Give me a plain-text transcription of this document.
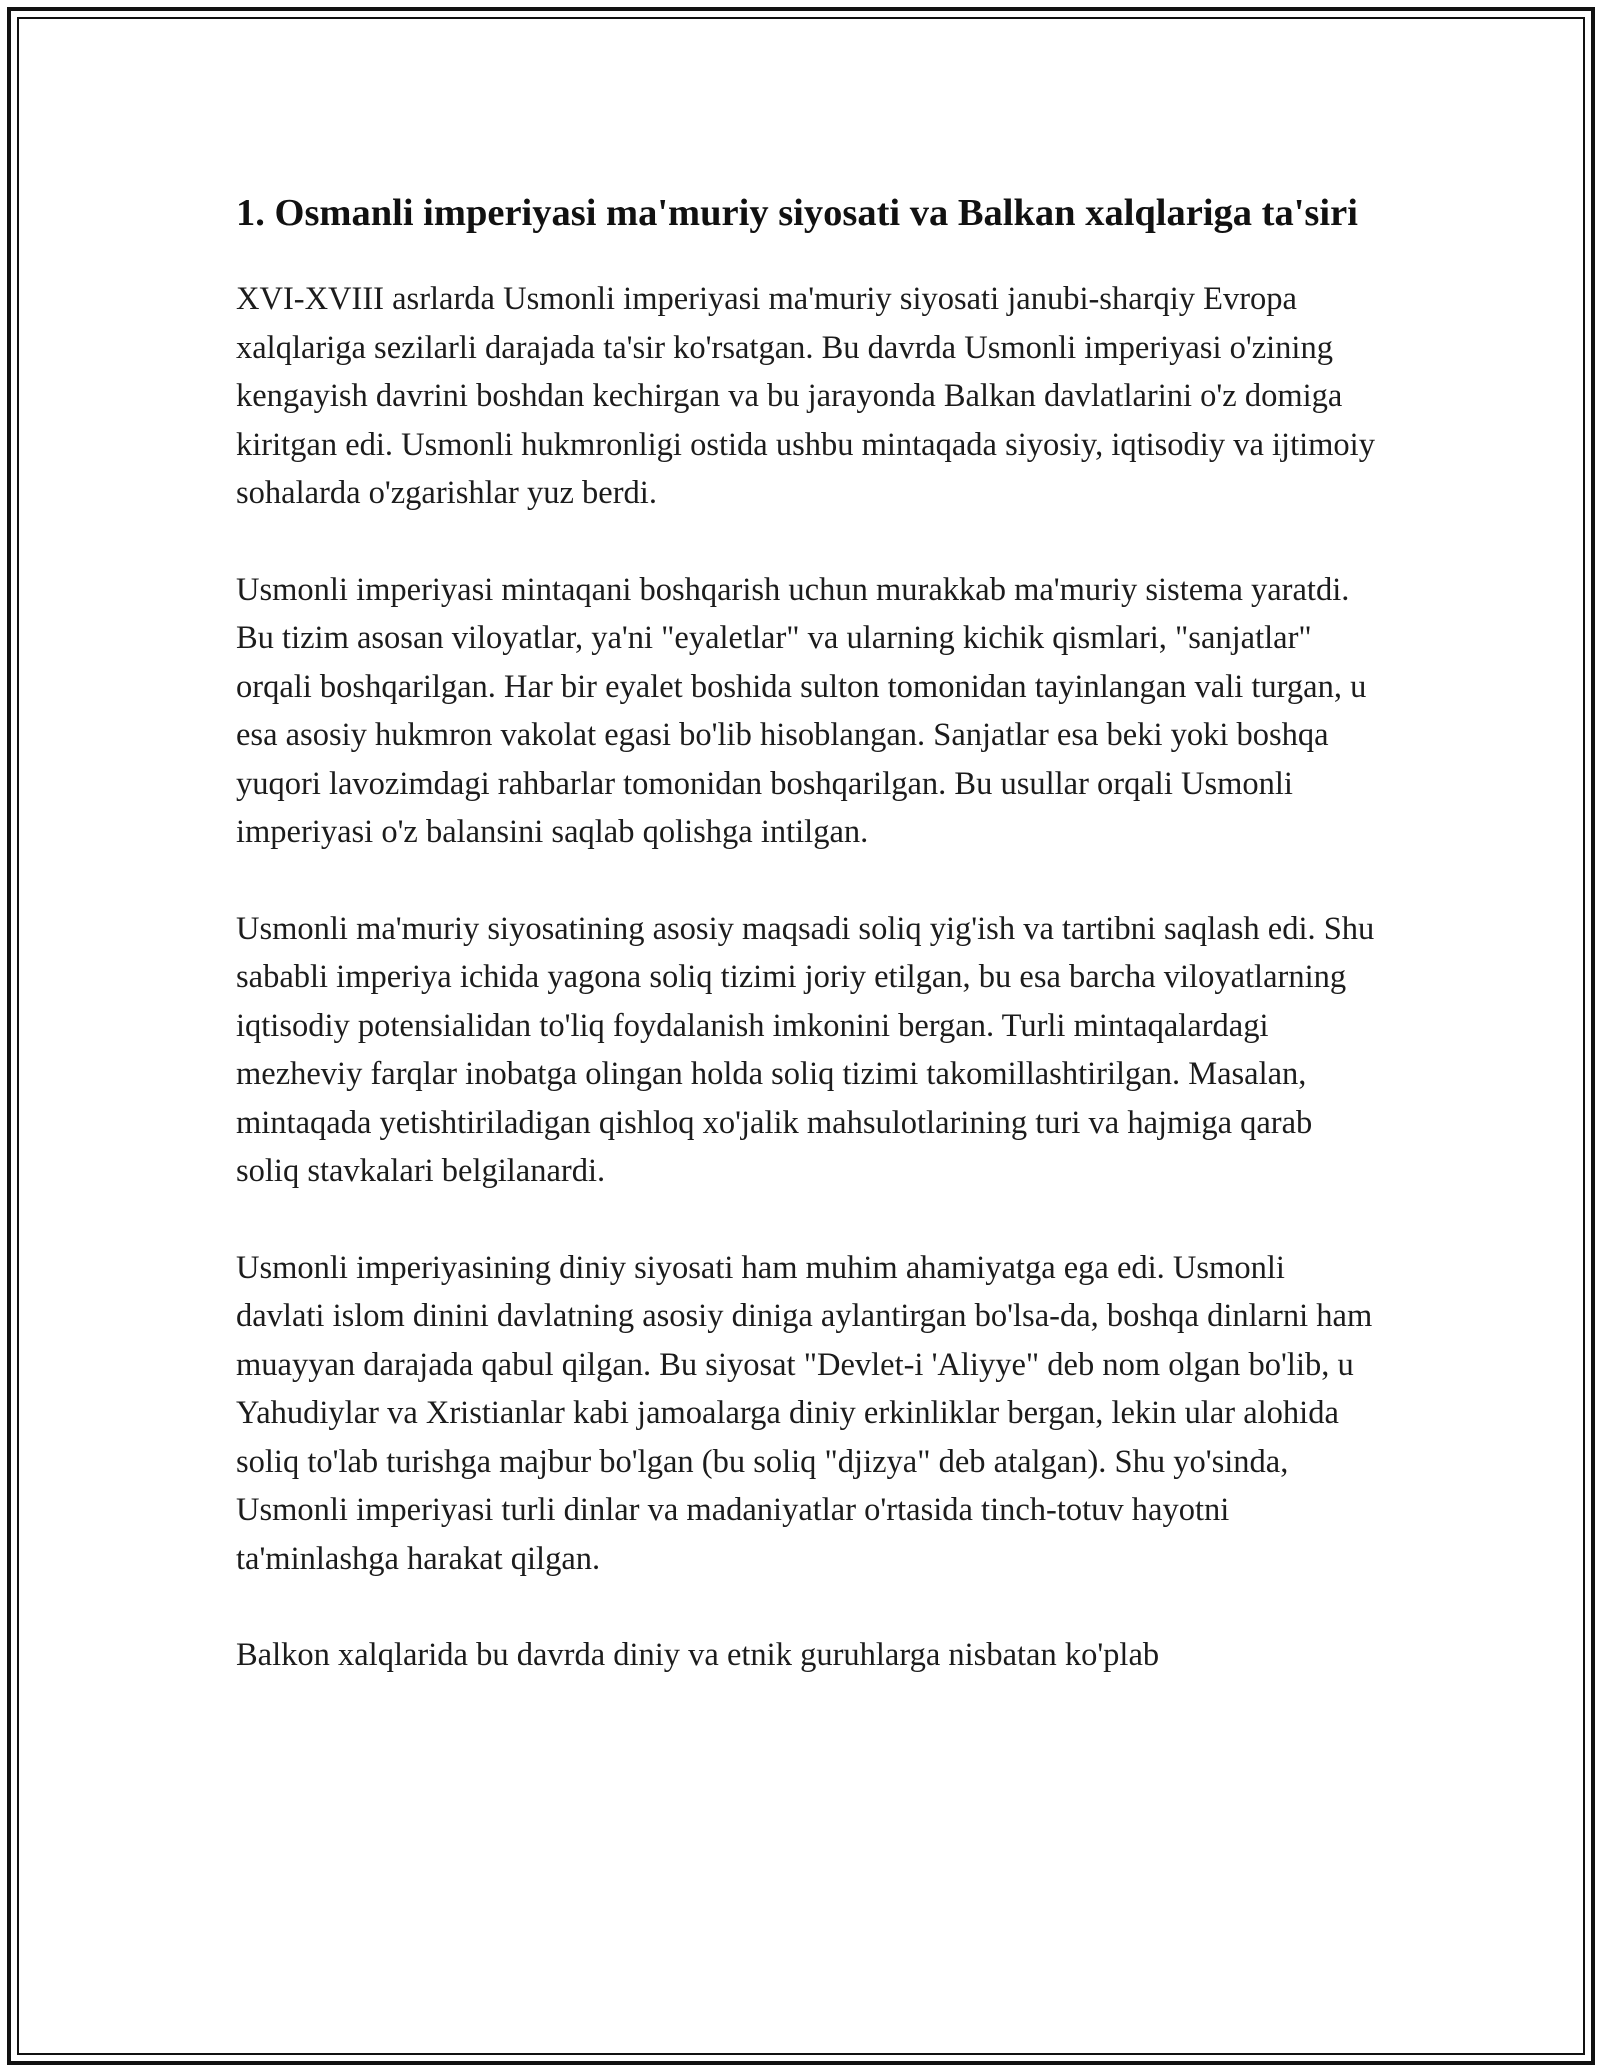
1. Osmanli imperiyasi ma'muriy siyosati va Balkan xalqlariga ta'siri

XVI-XVIII asrlarda Usmonli imperiyasi ma'muriy siyosati janubi-sharqiy Evropa xalqlariga sezilarli darajada ta'sir ko'rsatgan. Bu davrda Usmonli imperiyasi o'zining kengayish davrini boshdan kechirgan va bu jarayonda Balkan davlatlarini o'z domiga kiritgan edi. Usmonli hukmronligi ostida ushbu mintaqada siyosiy, iqtisodiy va ijtimoiy sohalarda o'zgarishlar yuz berdi.

Usmonli imperiyasi mintaqani boshqarish uchun murakkab ma'muriy sistema yaratdi. Bu tizim asosan viloyatlar, ya'ni "eyaletlar" va ularning kichik qismlari, "sanjatlar" orqali boshqarilgan. Har bir eyalet boshida sulton tomonidan tayinlangan vali turgan, u esa asosiy hukmron vakolat egasi bo'lib hisoblangan. Sanjatlar esa beki yoki boshqa yuqori lavozimdagi rahbarlar tomonidan boshqarilgan. Bu usullar orqali Usmonli imperiyasi o'z balansini saqlab qolishga intilgan.

Usmonli ma'muriy siyosatining asosiy maqsadi soliq yig'ish va tartibni saqlash edi. Shu sababli imperiya ichida yagona soliq tizimi joriy etilgan, bu esa barcha viloyatlarning iqtisodiy potensialidan to'liq foydalanish imkonini bergan. Turli mintaqalardagi mezheviy farqlar inobatga olingan holda soliq tizimi takomillashtirilgan. Masalan, mintaqada yetishtiriladigan qishloq xo'jalik mahsulotlarining turi va hajmiga qarab soliq stavkalari belgilanardi.

Usmonli imperiyasining diniy siyosati ham muhim ahamiyatga ega edi. Usmonli davlati islom dinini davlatning asosiy diniga aylantirgan bo'lsa-da, boshqa dinlarni ham muayyan darajada qabul qilgan. Bu siyosat "Devlet-i 'Aliyye" deb nom olgan bo'lib, u Yahudiylar va Xristianlar kabi jamoalarga diniy erkinliklar bergan, lekin ular alohida soliq to'lab turishga majbur bo'lgan (bu soliq "djizya" deb atalgan). Shu yo'sinda, Usmonli imperiyasi turli dinlar va madaniyatlar o'rtasida tinch-totuv hayotni ta'minlashga harakat qilgan.

Balkon xalqlarida bu davrda diniy va etnik guruhlarga nisbatan ko'plab
